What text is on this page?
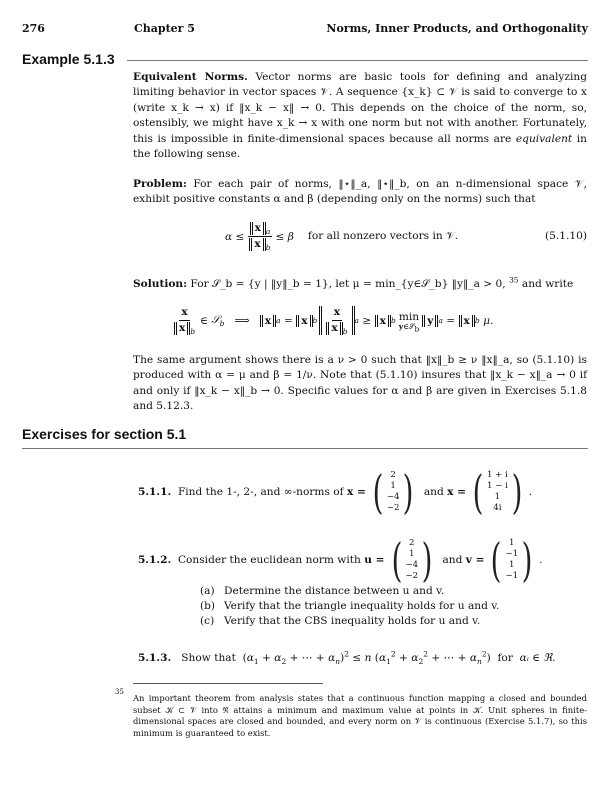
276	Chapter 5	Norms, Inner Products, and Orthogonality
Example 5.1.3
Equivalent Norms. Vector norms are basic tools for defining and analyzing limiting behavior in vector spaces 𝒱. A sequence {x_k} ⊂ 𝒱 is said to converge to x (write x_k → x) if ‖x_k − x‖ → 0. This depends on the choice of the norm, so, ostensibly, we might have x_k → x with one norm but not with another. Fortunately, this is impossible in finite-dimensional spaces because all norms are equivalent in the following sense.
Problem: For each pair of norms, ‖⋆‖_a, ‖⋆‖_b, on an n-dimensional space 𝒱, exhibit positive constants α and β (depending only on the norms) such that
$\alpha \le \frac{x _a}{x _b} \le \beta$ for all nonzero vectors in 𝒱.	(5.1.10)
Solution: For 𝒮_b = {y | ‖y‖_b = 1}, let μ = min_{y∈𝒮_b} ‖y‖_a > 0, $^{35}$ and write
$\frac{x}{x _b}$ ∈ 𝒮$_b$ ⟹ x a = x b $\frac{x}{x _b}$ a ≥ x b min
y∈𝒮$_b$
y a = x b
μ .
The same argument shows there is a ν > 0 such that ‖x‖_b ≥ ν ‖x‖_a, so (5.1.10) is produced with α = μ and β = 1/ν. Note that (5.1.10) insures that ‖x_k − x‖_a → 0 if and only if ‖x_k − x‖_b → 0. Specific values for α and β are given in Exercises 5.1.8 and 5.12.3.
Exercises for section 5.1
5.1.1.
Find the 1-, 2-, and ∞-norms of
x = ( 2
1
−4
−2 )
and
x = ( 1 + i
1 − i
1
4i ) .
5.1.2.
Consider the euclidean norm with
u = ( 2
1
−4
−2 )
and
v = ( 1
−1
1
−1 ) .
(a) Determine the distance between u and v.
(b) Verify that the triangle inequality holds for u and v.
(c) Verify that the CBS inequality holds for u and v.
5.1.3. Show that ($\alpha_1 + \alpha_2$ + ⋯ + $\alpha_n)^2 \le n$ ($\alpha_1^2 + \alpha_2^2$ + ⋯ + $\alpha_n^2$) for αᵢ ∈ ℜ.
35
An important theorem from analysis states that a continuous function mapping a closed and bounded subset 𝒦 ⊂ 𝒱 into ℜ attains a minimum and maximum value at points in 𝒦. Unit spheres in finite-dimensional spaces are closed and bounded, and every norm on 𝒱 is continuous (Exercise 5.1.7), so this minimum is guaranteed to exist.
